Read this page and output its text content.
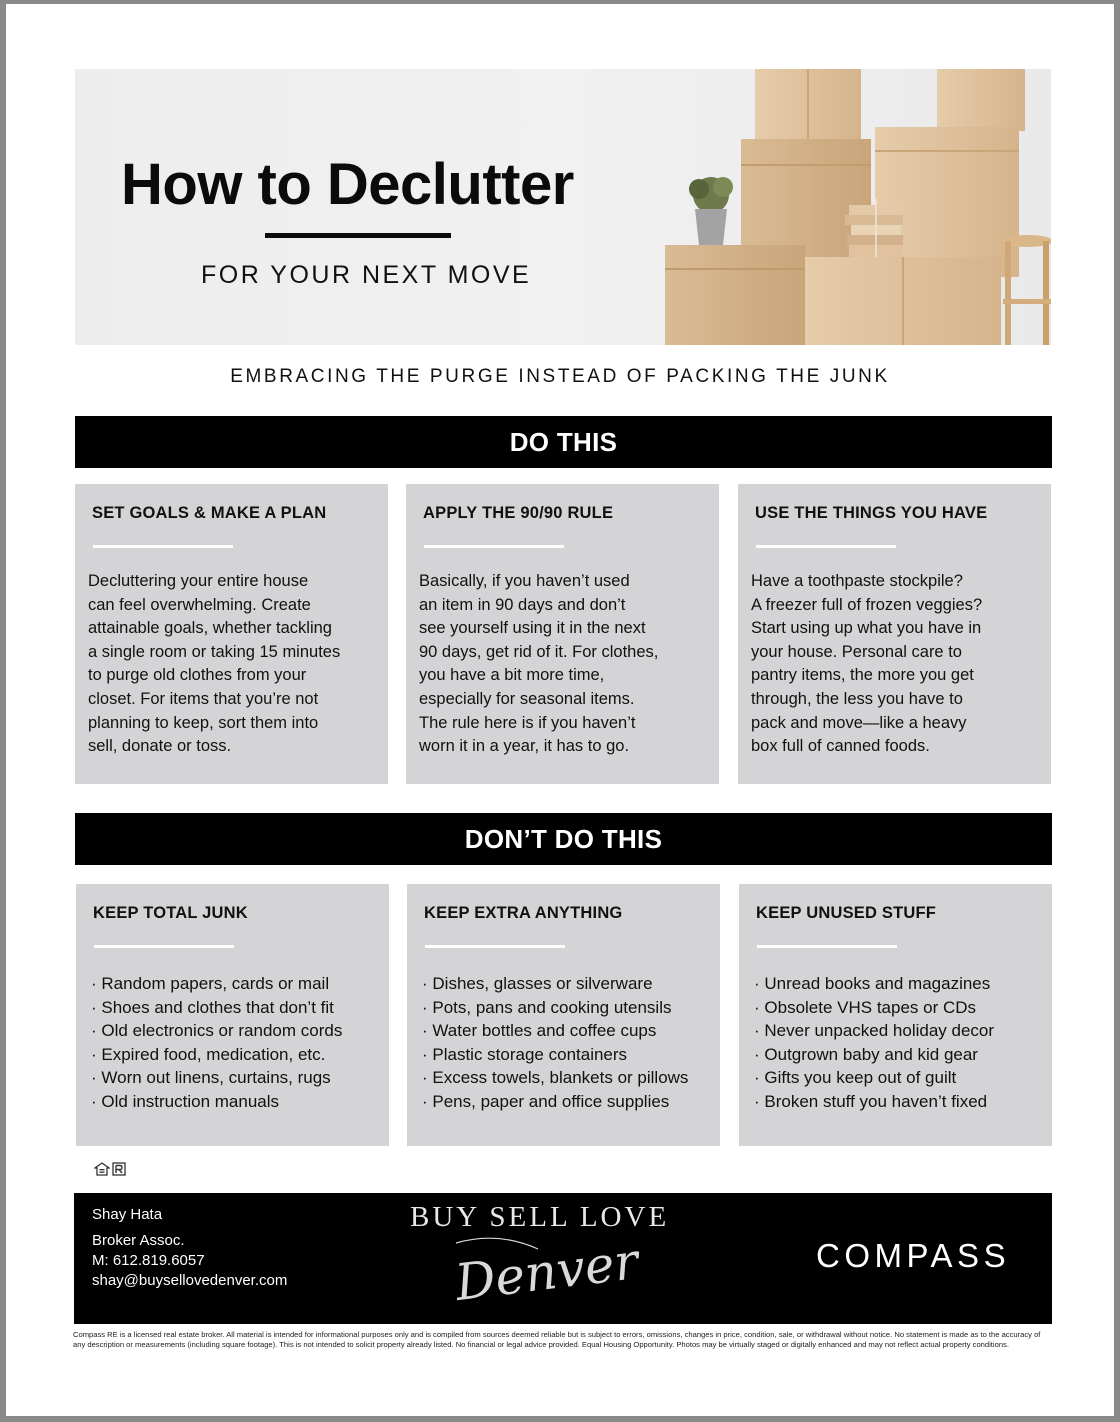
How to Declutter
FOR YOUR NEXT MOVE
EMBRACING THE PURGE INSTEAD OF PACKING THE JUNK
DO THIS
SET GOALS & MAKE A PLAN
Decluttering your entire house
can feel overwhelming. Create
attainable goals, whether tackling
a single room or taking 15 minutes
to purge old clothes from your
closet. For items that you’re not
planning to keep, sort them into
sell, donate or toss.
APPLY THE 90/90 RULE
Basically, if you haven’t used
an item in 90 days and don’t
see yourself using it in the next
90 days, get rid of it. For clothes,
you have a bit more time,
especially for seasonal items.
The rule here is if you haven’t
worn it in a year, it has to go.
USE THE THINGS YOU HAVE
Have a toothpaste stockpile?
A freezer full of frozen veggies?
Start using up what you have in
your house. Personal care to
pantry items, the more you get
through, the less you have to
pack and move—like a heavy
box full of canned foods.
DON’T DO THIS
KEEP TOTAL JUNK
· Random papers, cards or mail
· Shoes and clothes that don’t fit
· Old electronics or random cords
· Expired food, medication, etc.
· Worn out linens, curtains, rugs
· Old instruction manuals
KEEP EXTRA ANYTHING
· Dishes, glasses or silverware
· Pots, pans and cooking utensils
· Water bottles and coffee cups
· Plastic storage containers
· Excess towels, blankets or pillows
· Pens, paper and office supplies
KEEP UNUSED STUFF
· Unread books and magazines
· Obsolete VHS tapes or CDs
· Never unpacked holiday decor
· Outgrown baby and kid gear
· Gifts you keep out of guilt
· Broken stuff you haven’t fixed
Shay Hata
Broker Assoc.
M: 612.819.6057
shay@buysellovedenver.com
BUY SELL LOVE
Denver	COMPASS
Compass RE is a licensed real estate broker. All material is intended for informational purposes only and is compiled from sources deemed reliable but is subject to errors, omissions, changes in price, condition, sale, or withdrawal without notice. No statement is made as to the accuracy of any description or measurements (including square footage). This is not intended to solicit property already listed. No financial or legal advice provided. Equal Housing Opportunity. Photos may be virtually staged or digitally enhanced and may not reflect actual property conditions.
